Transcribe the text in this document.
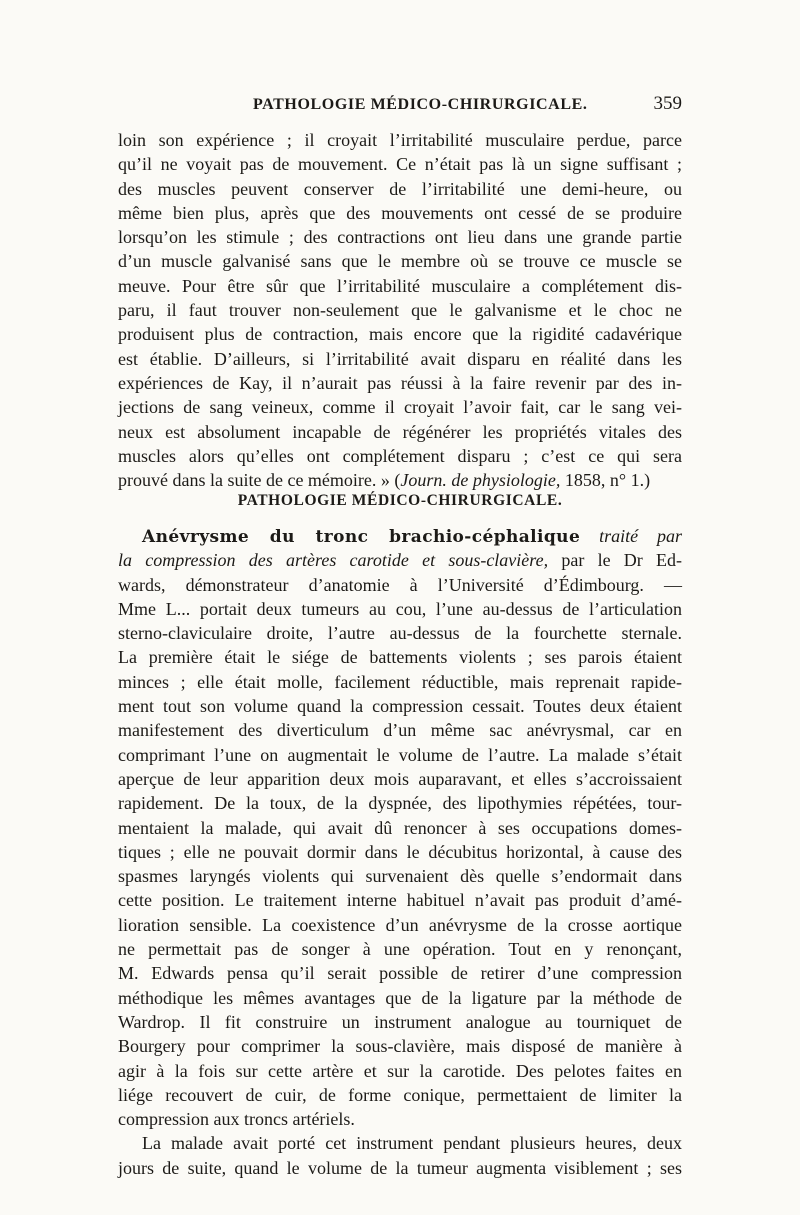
PATHOLOGIE MÉDICO-CHIRURGICALE.	359
loin son expérience ; il croyait l’irritabilité musculaire perdue, parce
qu’il ne voyait pas de mouvement. Ce n’était pas là un signe suffisant ;
des muscles peuvent conserver de l’irritabilité une demi-heure, ou
même bien plus, après que des mouvements ont cessé de se produire
lorsqu’on les stimule ; des contractions ont lieu dans une grande partie
d’un muscle galvanisé sans que le membre où se trouve ce muscle se
meuve. Pour être sûr que l’irritabilité musculaire a complétement dis-
paru, il faut trouver non-seulement que le galvanisme et le choc ne
produisent plus de contraction, mais encore que la rigidité cadavérique
est établie. D’ailleurs, si l’irritabilité avait disparu en réalité dans les
expériences de Kay, il n’aurait pas réussi à la faire revenir par des in-
jections de sang veineux, comme il croyait l’avoir fait, car le sang vei-
neux est absolument incapable de régénérer les propriétés vitales des
muscles alors qu’elles ont complétement disparu ; c’est ce qui sera
prouvé dans la suite de ce mémoire. » (Journ. de physiologie, 1858, n° 1.)
PATHOLOGIE MÉDICO-CHIRURGICALE.
Anévrysme du tronc brachio-céphalique traité par
la compression des artères carotide et sous-clavière, par le Dr Ed-
wards, démonstrateur d’anatomie à l’Université d’Édimbourg. —
Mme L... portait deux tumeurs au cou, l’une au-dessus de l’articulation
sterno-claviculaire droite, l’autre au-dessus de la fourchette sternale.
La première était le siége de battements violents ; ses parois étaient
minces ; elle était molle, facilement réductible, mais reprenait rapide-
ment tout son volume quand la compression cessait. Toutes deux étaient
manifestement des diverticulum d’un même sac anévrysmal, car en
comprimant l’une on augmentait le volume de l’autre. La malade s’était
aperçue de leur apparition deux mois auparavant, et elles s’accroissaient
rapidement. De la toux, de la dyspnée, des lipothymies répétées, tour-
mentaient la malade, qui avait dû renoncer à ses occupations domes-
tiques ; elle ne pouvait dormir dans le décubitus horizontal, à cause des
spasmes laryngés violents qui survenaient dès quelle s’endormait dans
cette position. Le traitement interne habituel n’avait pas produit d’amé-
lioration sensible. La coexistence d’un anévrysme de la crosse aortique
ne permettait pas de songer à une opération. Tout en y renonçant,
M. Edwards pensa qu’il serait possible de retirer d’une compression
méthodique les mêmes avantages que de la ligature par la méthode de
Wardrop. Il fit construire un instrument analogue au tourniquet de
Bourgery pour comprimer la sous-clavière, mais disposé de manière à
agir à la fois sur cette artère et sur la carotide. Des pelotes faites en
liége recouvert de cuir, de forme conique, permettaient de limiter la
compression aux troncs artériels.
La malade avait porté cet instrument pendant plusieurs heures, deux
jours de suite, quand le volume de la tumeur augmenta visiblement ; ses
